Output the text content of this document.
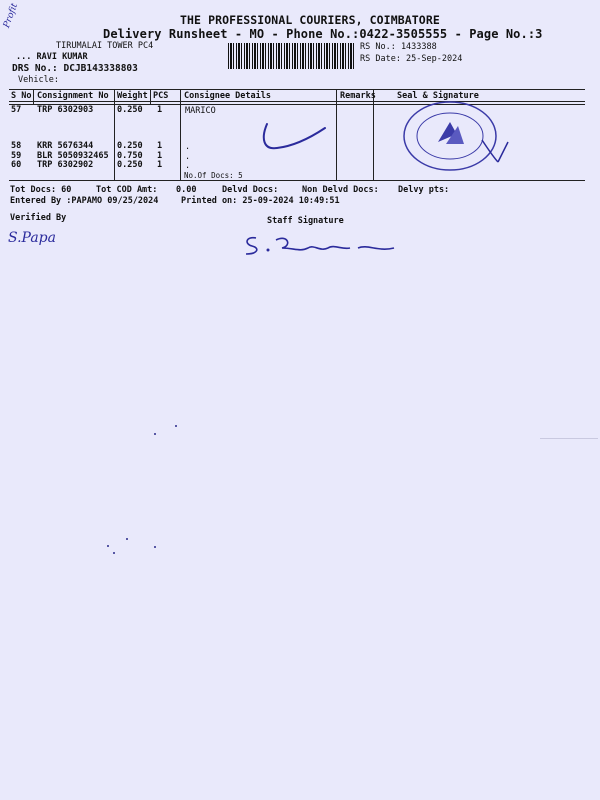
Profit	THE PROFESSIONAL COURIERS, COIMBATORE
Delivery Runsheet - MO - Phone No.:0422-3505555 - Page No.:3
TIRUMALAI TOWER PC4
... RAVI KUMAR
DRS No.: DCJB143338803
Vehicle:
RS No.: 1433388
RS Date: 25-Sep-2024
S No Consignment No Weight PCS Consignee Details	Remarks Seal & Signature
57 TRP 6302903	0.250 1	MARICO
58 KRR 5676344	0.250 1	.
59 BLR 5050932465 0.750 1	.
60 TRP 6302902	0.250 1	.
No.Of Docs: 5
Tot Docs: 60	Tot COD Amt: 0.00	Delvd Docs:	Non Delvd Docs: Delvy pts:
Entered By :PAPAMO 09/25/2024	Printed on: 25-09-2024 10:49:51
Verified By	Staff Signature
S.Papa
